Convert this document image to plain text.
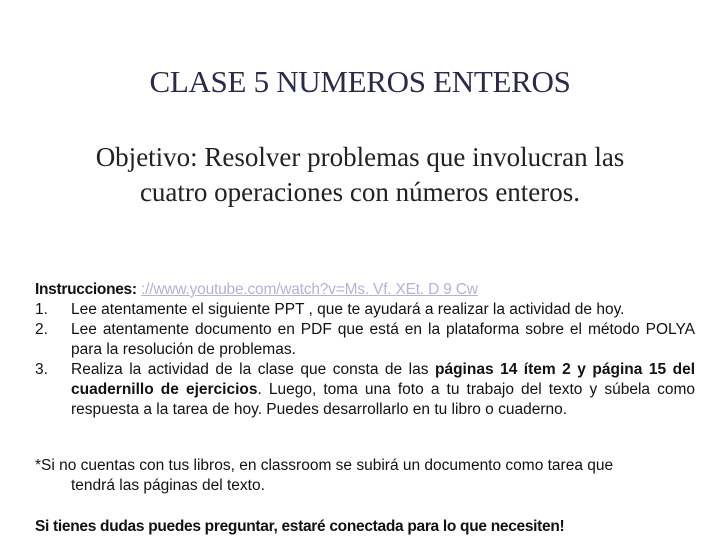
CLASE 5 NUMEROS ENTEROS
Objetivo: Resolver problemas que involucran las cuatro operaciones con números enteros.
Instrucciones: ://www.youtube.com/watch?v=Ms. Vf. XEt. D 9 Cw
1. Lee atentamente el siguiente PPT , que te ayudará a realizar la actividad de hoy.
2. Lee atentamente documento en PDF que está en la plataforma sobre el método POLYA para la resolución de problemas.
3. Realiza la actividad de la clase que consta de las páginas 14 ítem 2 y página 15 del cuadernillo de ejercicios. Luego, toma una foto a tu trabajo del texto y súbela como respuesta a la tarea de hoy. Puedes desarrollarlo en tu libro o cuaderno.
*Si no cuentas con tus libros, en classroom se subirá un documento como tarea que
tendrá las páginas del texto.
Si tienes dudas puedes preguntar, estaré conectada para lo que necesiten!
